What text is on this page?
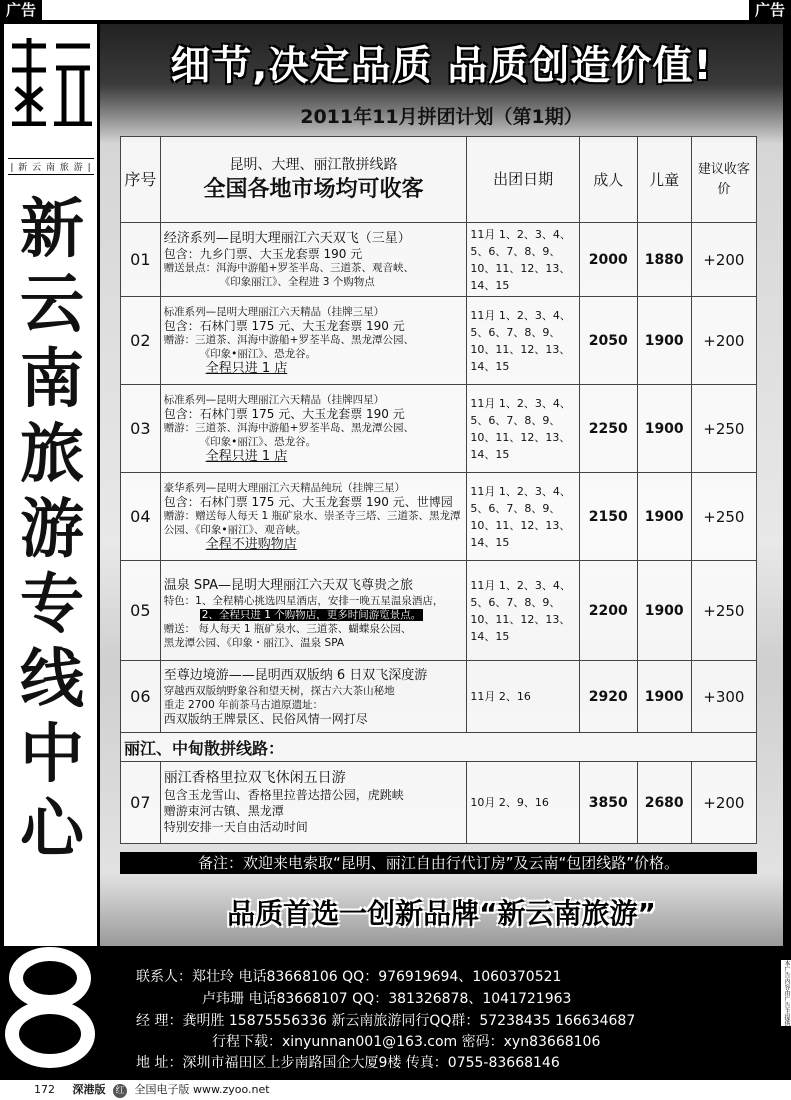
广告	广告
| 新 云 南 旅 游 |
新
云
南
旅
游
专
线
中
心
细节,决定品质 品质创造价值!
2011年11月拼团计划（第1期）
序号	昆明、大理、丽江散拼线路
全国各地市场均可收客	出团日期	成人	儿童	建议收客价
01	经济系列—昆明大理丽江六天双飞（三星）
包含：九乡门票、大玉龙套票 190 元
赠送景点：洱海中游船+罗荃半岛、三道茶、观音峡、
《印象丽江》、全程进 3 个购物点	11月 1、2、3、4、5、6、7、8、9、10、11、12、13、14、15	2000	1880	+200
02	标准系列—昆明大理丽江六天精品（挂牌三星）
包含：石林门票 175 元、大玉龙套票 190 元
赠游：三道茶、洱海中游船+罗荃半岛、黑龙潭公园、
《印象•丽江》、恐龙谷。
全程只进 1 店	11月 1、2、3、4、5、6、7、8、9、10、11、12、13、14、15	2050	1900	+200
03	标准系列—昆明大理丽江六天精品（挂牌四星）
包含：石林门票 175 元、大玉龙套票 190 元
赠游：三道茶、洱海中游船+罗荃半岛、黑龙潭公园、
《印象•丽江》、恐龙谷。
全程只进 1 店	11月 1、2、3、4、5、6、7、8、9、10、11、12、13、14、15	2250	1900	+250
04	豪华系列—昆明大理丽江六天精品纯玩（挂牌三星）
包含：石林门票 175 元、大玉龙套票 190 元、世博园
赠游：赠送每人每天 1 瓶矿泉水、崇圣寺三塔、三道茶、黑龙潭
公园、《印象•丽江》、观音峡。
全程不进购物店	11月 1、2、3、4、5、6、7、8、9、10、11、12、13、14、15	2150	1900	+250
05	温泉 SPA—昆明大理丽江六天双飞尊贵之旅
特色：1、全程精心挑选四星酒店，安排一晚五星温泉酒店，
2、全程只进 1 个购物店，更多时间游览景点。
赠送： 每人每天 1 瓶矿泉水、三道茶、蝴蝶泉公园、
黑龙潭公园、《印象・丽江》、温泉 SPA	11月 1、2、3、4、5、6、7、8、9、10、11、12、13、14、15	2200	1900	+250
06	至尊边境游——昆明西双版纳 6 日双飞深度游
穿越西双版纳野象谷和望天树，探古六大茶山秘地
重走 2700 年前茶马古道原遗址：
西双版纳王牌景区、民俗风情一网打尽	11月 2、16	2920	1900	+300
丽江、中甸散拼线路：					
07	丽江香格里拉双飞休闲五日游
包含玉龙雪山、香格里拉普达措公园，虎跳峡
赠游束河古镇、黑龙潭
特别安排一天自由活动时间	10月 2、9、16	3850	2680	+200
备注：欢迎来电索取“昆明、丽江自由行代订房”及云南“包团线路”价格。
品质首选一创新品牌“新云南旅游”
联系人：郑壮玲 电话83668106 QQ：976919694、1060370521
卢玮珊 电话83668107 QQ：381326878、1041721963
经 理：龚明胜 15875556336 新云南旅游同行QQ群：57238435 166634687
行程下载：xinyunnan001@163.com 密码：xyn83668106
地 址：深圳市福田区上步南路国企大厦9楼 传真：0755-83668146
本广告内容由广告主提供
172 深港版 红 全国电子版 www.zyoo.net
